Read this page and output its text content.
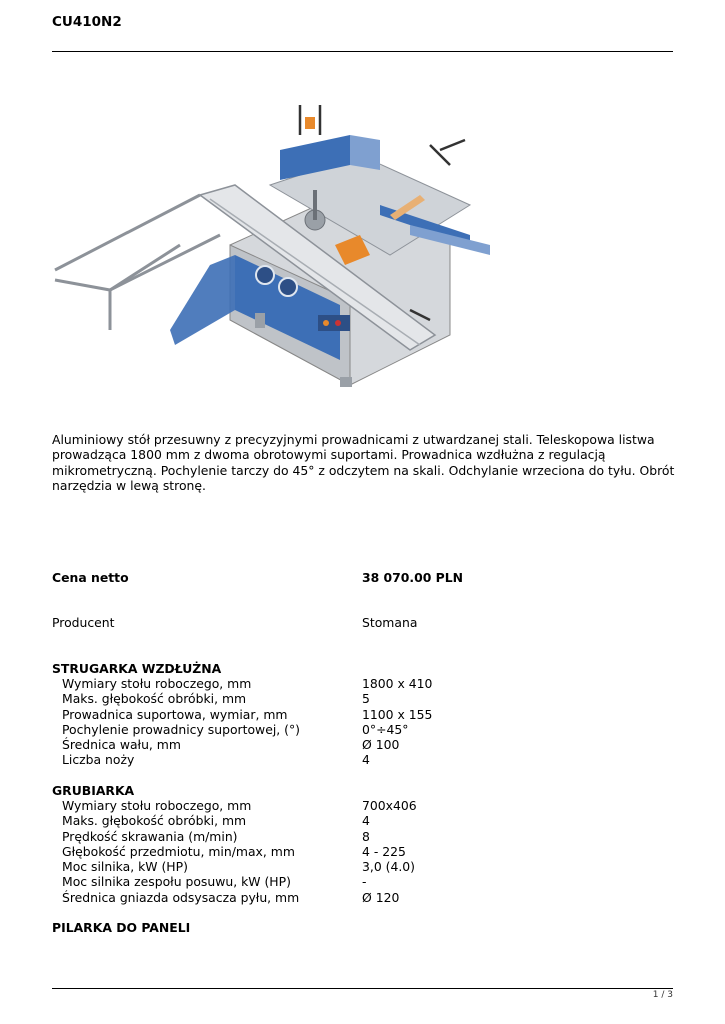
CU410N2
Aluminiowy stół przesuwny z precyzyjnymi prowadnicami z utwardzanej stali. Teleskopowa listwa prowadząca 1800 mm z dwoma obrotowymi suportami. Prowadnica wzdłużna z regulacją mikrometryczną. Pochylenie tarczy do 45° z odczytem na skali. Odchylanie wrzeciona do tyłu. Obrót narzędzia w lewą stronę.
Cena netto	38 070.00 PLN
Producent	Stomana
STRUGARKA WZDŁUŻNA
Wymiary stołu roboczego, mm	1800 x 410
Maks. głębokość obróbki, mm	5
Prowadnica suportowa, wymiar, mm	1100 x 155
Pochylenie prowadnicy suportowej, (°)	0°÷45°
Średnica wału, mm	Ø 100
Liczba noży	4
GRUBIARKA
Wymiary stołu roboczego, mm	700x406
Maks. głębokość obróbki, mm	4
Prędkość skrawania (m/min)	8
Głębokość przedmiotu, min/max, mm	4 - 225
Moc silnika, kW (HP)	3,0 (4.0)
Moc silnika zespołu posuwu, kW (HP)	-
Średnica gniazda odsysacza pyłu, mm	Ø 120
PILARKA DO PANELI
1 / 3
